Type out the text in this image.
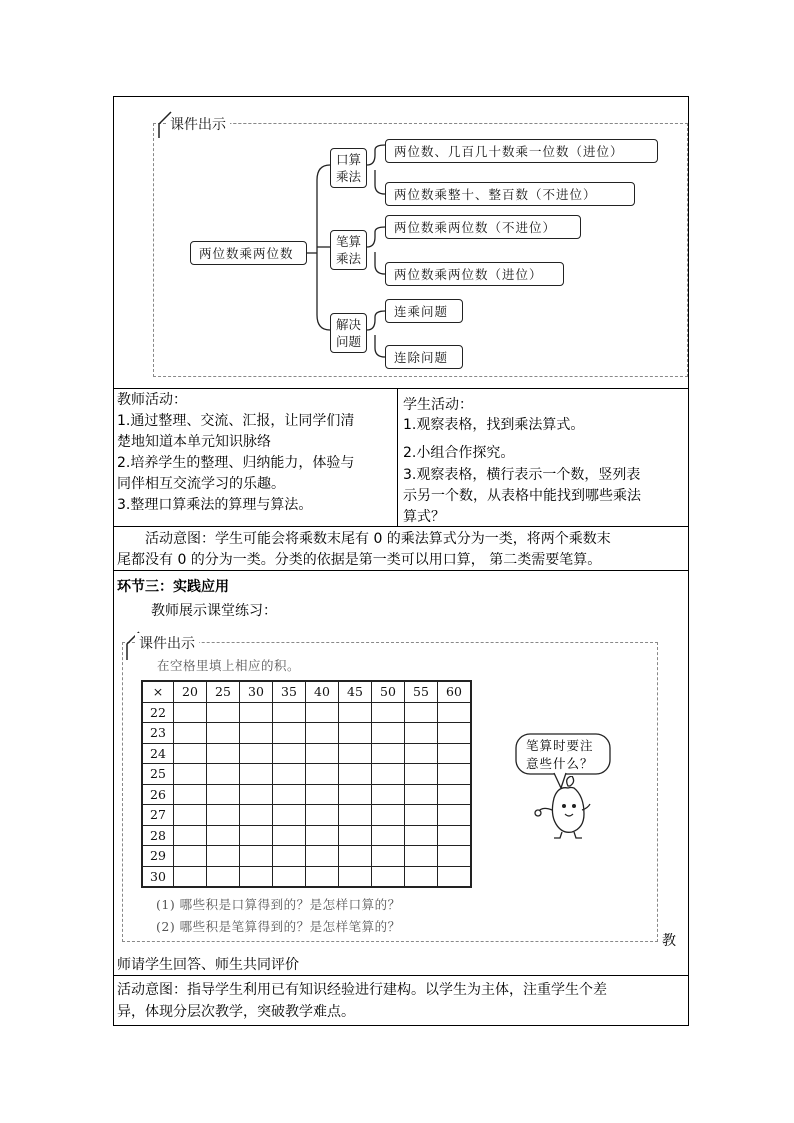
课件出示
两位数乘两位数
口算
乘法
笔算
乘法
解决
问题
两位数、几百几十数乘一位数（进位）
两位数乘整十、整百数（不进位）
两位数乘两位数（不进位）
两位数乘两位数（进位）
连乘问题
连除问题
教师活动：
1.通过整理、交流、汇报，让同学们清
楚地知道本单元知识脉络
2.培养学生的整理、归纳能力，体验与
同伴相互交流学习的乐趣。
3.整理口算乘法的算理与算法。
学生活动：
1.观察表格，找到乘法算式。
2.小组合作探究。
3.观察表格，横行表示一个数，竖列表
示另一个数，从表格中能找到哪些乘法
算式？
活动意图：学生可能会将乘数末尾有 0 的乘法算式分为一类，将两个乘数末
尾都没有 0 的分为一类。分类的依据是第一类可以用口算， 第二类需要笔算。
环节三：实践应用
教师展示课堂练习：
课件出示
在空格里填上相应的积。
×	20	25	30	35	40	45	50	55	60
22									
23									
24									
25									
26									
27									
28									
29									
30									
笔算时要注
意些什么？
(1) 哪些积是口算得到的？是怎样口算的？
(2) 哪些积是笔算得到的？是怎样笔算的？
教
师请学生回答、师生共同评价
活动意图：指导学生利用已有知识经验进行建构。以学生为主体，注重学生个差
异，体现分层次教学，突破教学难点。
